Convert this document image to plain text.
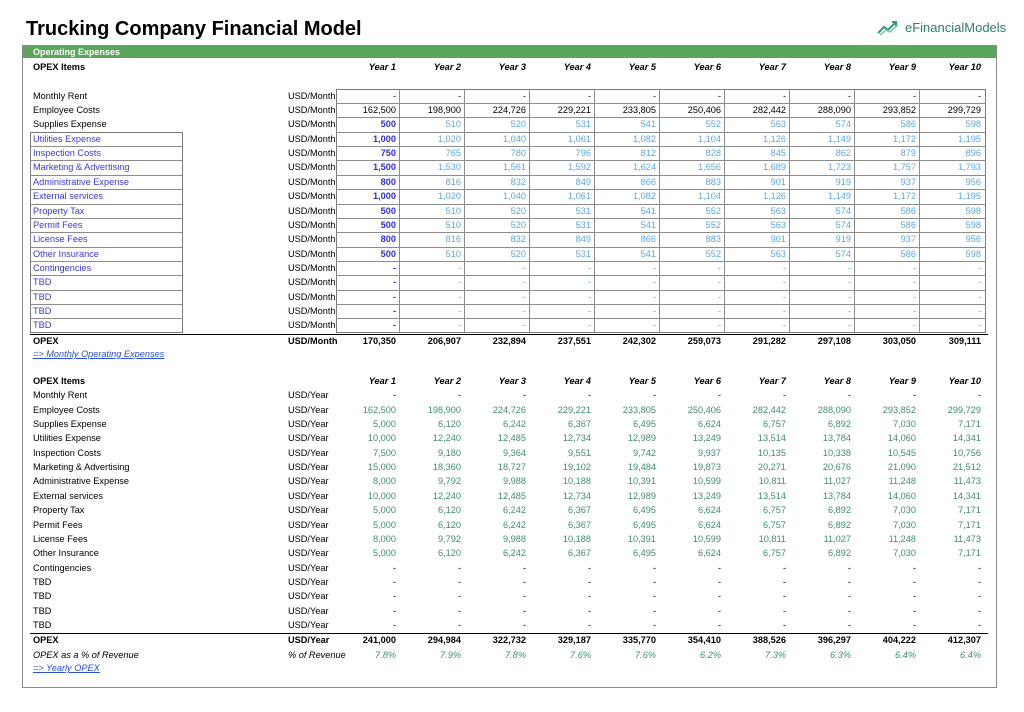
Trucking Company Financial Model	eFinancialModels
Operating Expenses
OPEX Items	Year 1	Year 2	Year 3	Year 4	Year 5	Year 6	Year 7	Year 8	Year 9	Year 10
Monthly Rent	USD/Month	-	-	-	-	-	-	-	-	-	-
Employee Costs	USD/Month	162,500	198,900	224,726	229,221	233,805	250,406	282,442	288,090	293,852	299,729
Supplies Expense	USD/Month	500	510	520	531	541	552	563	574	586	598
Utilities Expense	USD/Month	1,000	1,020	1,040	1,061	1,082	1,104	1,126	1,149	1,172	1,195
Inspection Costs	USD/Month	750	765	780	796	812	828	845	862	879	896
Marketing & Advertising	USD/Month	1,500	1,530	1,561	1,592	1,624	1,656	1,689	1,723	1,757	1,793
Administrative Expense	USD/Month	800	816	832	849	866	883	901	919	937	956
External services	USD/Month	1,000	1,020	1,040	1,061	1,082	1,104	1,126	1,149	1,172	1,195
Property Tax	USD/Month	500	510	520	531	541	552	563	574	586	598
Permit Fees	USD/Month	500	510	520	531	541	552	563	574	586	598
License Fees	USD/Month	800	816	832	849	866	883	901	919	937	956
Other Insurance	USD/Month	500	510	520	531	541	552	563	574	586	598
Contingencies	USD/Month	-	-	-	-	-	-	-	-	-	-
TBD	USD/Month	-	-	-	-	-	-	-	-	-	-
TBD	USD/Month	-	-	-	-	-	-	-	-	-	-
TBD	USD/Month	-	-	-	-	-	-	-	-	-	-
TBD	USD/Month	-	-	-	-	-	-	-	-	-	-
OPEX	USD/Month	170,350	206,907	232,894	237,551	242,302	259,073	291,282	297,108	303,050	309,111
=> Monthly Operating Expenses
OPEX Items	Year 1	Year 2	Year 3	Year 4	Year 5	Year 6	Year 7	Year 8	Year 9	Year 10
Monthly Rent	USD/Year	-	-	-	-	-	-	-	-	-	-
Employee Costs	USD/Year	162,500	198,900	224,726	229,221	233,805	250,406	282,442	288,090	293,852	299,729
Supplies Expense	USD/Year	5,000	6,120	6,242	6,367	6,495	6,624	6,757	6,892	7,030	7,171
Utilities Expense	USD/Year	10,000	12,240	12,485	12,734	12,989	13,249	13,514	13,784	14,060	14,341
Inspection Costs	USD/Year	7,500	9,180	9,364	9,551	9,742	9,937	10,135	10,338	10,545	10,756
Marketing & Advertising	USD/Year	15,000	18,360	18,727	19,102	19,484	19,873	20,271	20,676	21,090	21,512
Administrative Expense	USD/Year	8,000	9,792	9,988	10,188	10,391	10,599	10,811	11,027	11,248	11,473
External services	USD/Year	10,000	12,240	12,485	12,734	12,989	13,249	13,514	13,784	14,060	14,341
Property Tax	USD/Year	5,000	6,120	6,242	6,367	6,495	6,624	6,757	6,892	7,030	7,171
Permit Fees	USD/Year	5,000	6,120	6,242	6,367	6,495	6,624	6,757	6,892	7,030	7,171
License Fees	USD/Year	8,000	9,792	9,988	10,188	10,391	10,599	10,811	11,027	11,248	11,473
Other Insurance	USD/Year	5,000	6,120	6,242	6,367	6,495	6,624	6,757	6,892	7,030	7,171
Contingencies	USD/Year	-	-	-	-	-	-	-	-	-	-
TBD	USD/Year	-	-	-	-	-	-	-	-	-	-
TBD	USD/Year	-	-	-	-	-	-	-	-	-	-
TBD	USD/Year	-	-	-	-	-	-	-	-	-	-
TBD	USD/Year	-	-	-	-	-	-	-	-	-	-
OPEX	USD/Year	241,000	294,984	322,732	329,187	335,770	354,410	388,526	396,297	404,222	412,307
OPEX as a % of Revenue	% of Revenue	7.8%	7.9%	7.8%	7.6%	7.6%	6.2%	7.3%	6.3%	6.4%	6.4%
=> Yearly OPEX
